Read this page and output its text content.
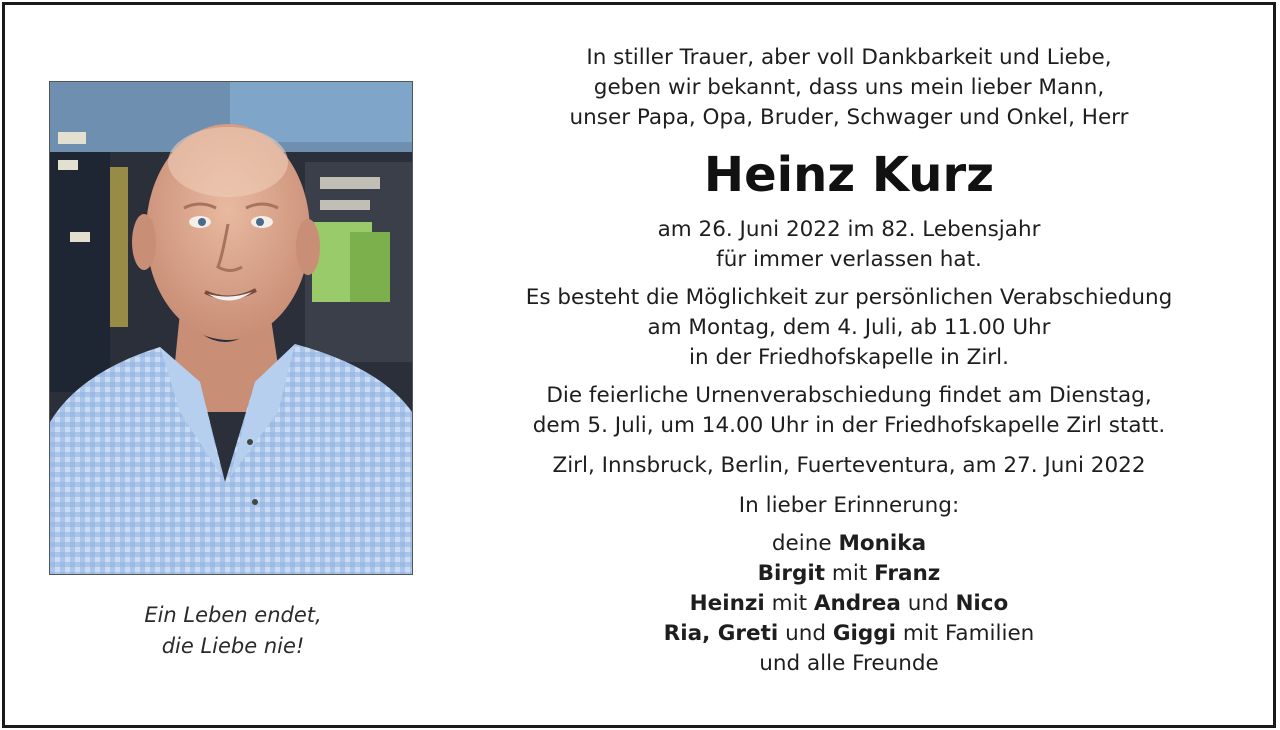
Ein Leben endet,
die Liebe nie!
In stiller Trauer, aber voll Dankbarkeit und Liebe,
geben wir bekannt, dass uns mein lieber Mann,
unser Papa, Opa, Bruder, Schwager und Onkel, Herr
Heinz Kurz
am 26. Juni 2022 im 82. Lebensjahr
für immer verlassen hat.
Es besteht die Möglichkeit zur persönlichen Verabschiedung
am Montag, dem 4. Juli, ab 11.00 Uhr
in der Friedhofskapelle in Zirl.
Die feierliche Urnenverabschiedung findet am Dienstag,
dem 5. Juli, um 14.00 Uhr in der Friedhofskapelle Zirl statt.
Zirl, Innsbruck, Berlin, Fuerteventura, am 27. Juni 2022
In lieber Erinnerung:
deine Monika
Birgit mit Franz
Heinzi mit Andrea und Nico
Ria, Greti und Giggi mit Familien
und alle Freunde
